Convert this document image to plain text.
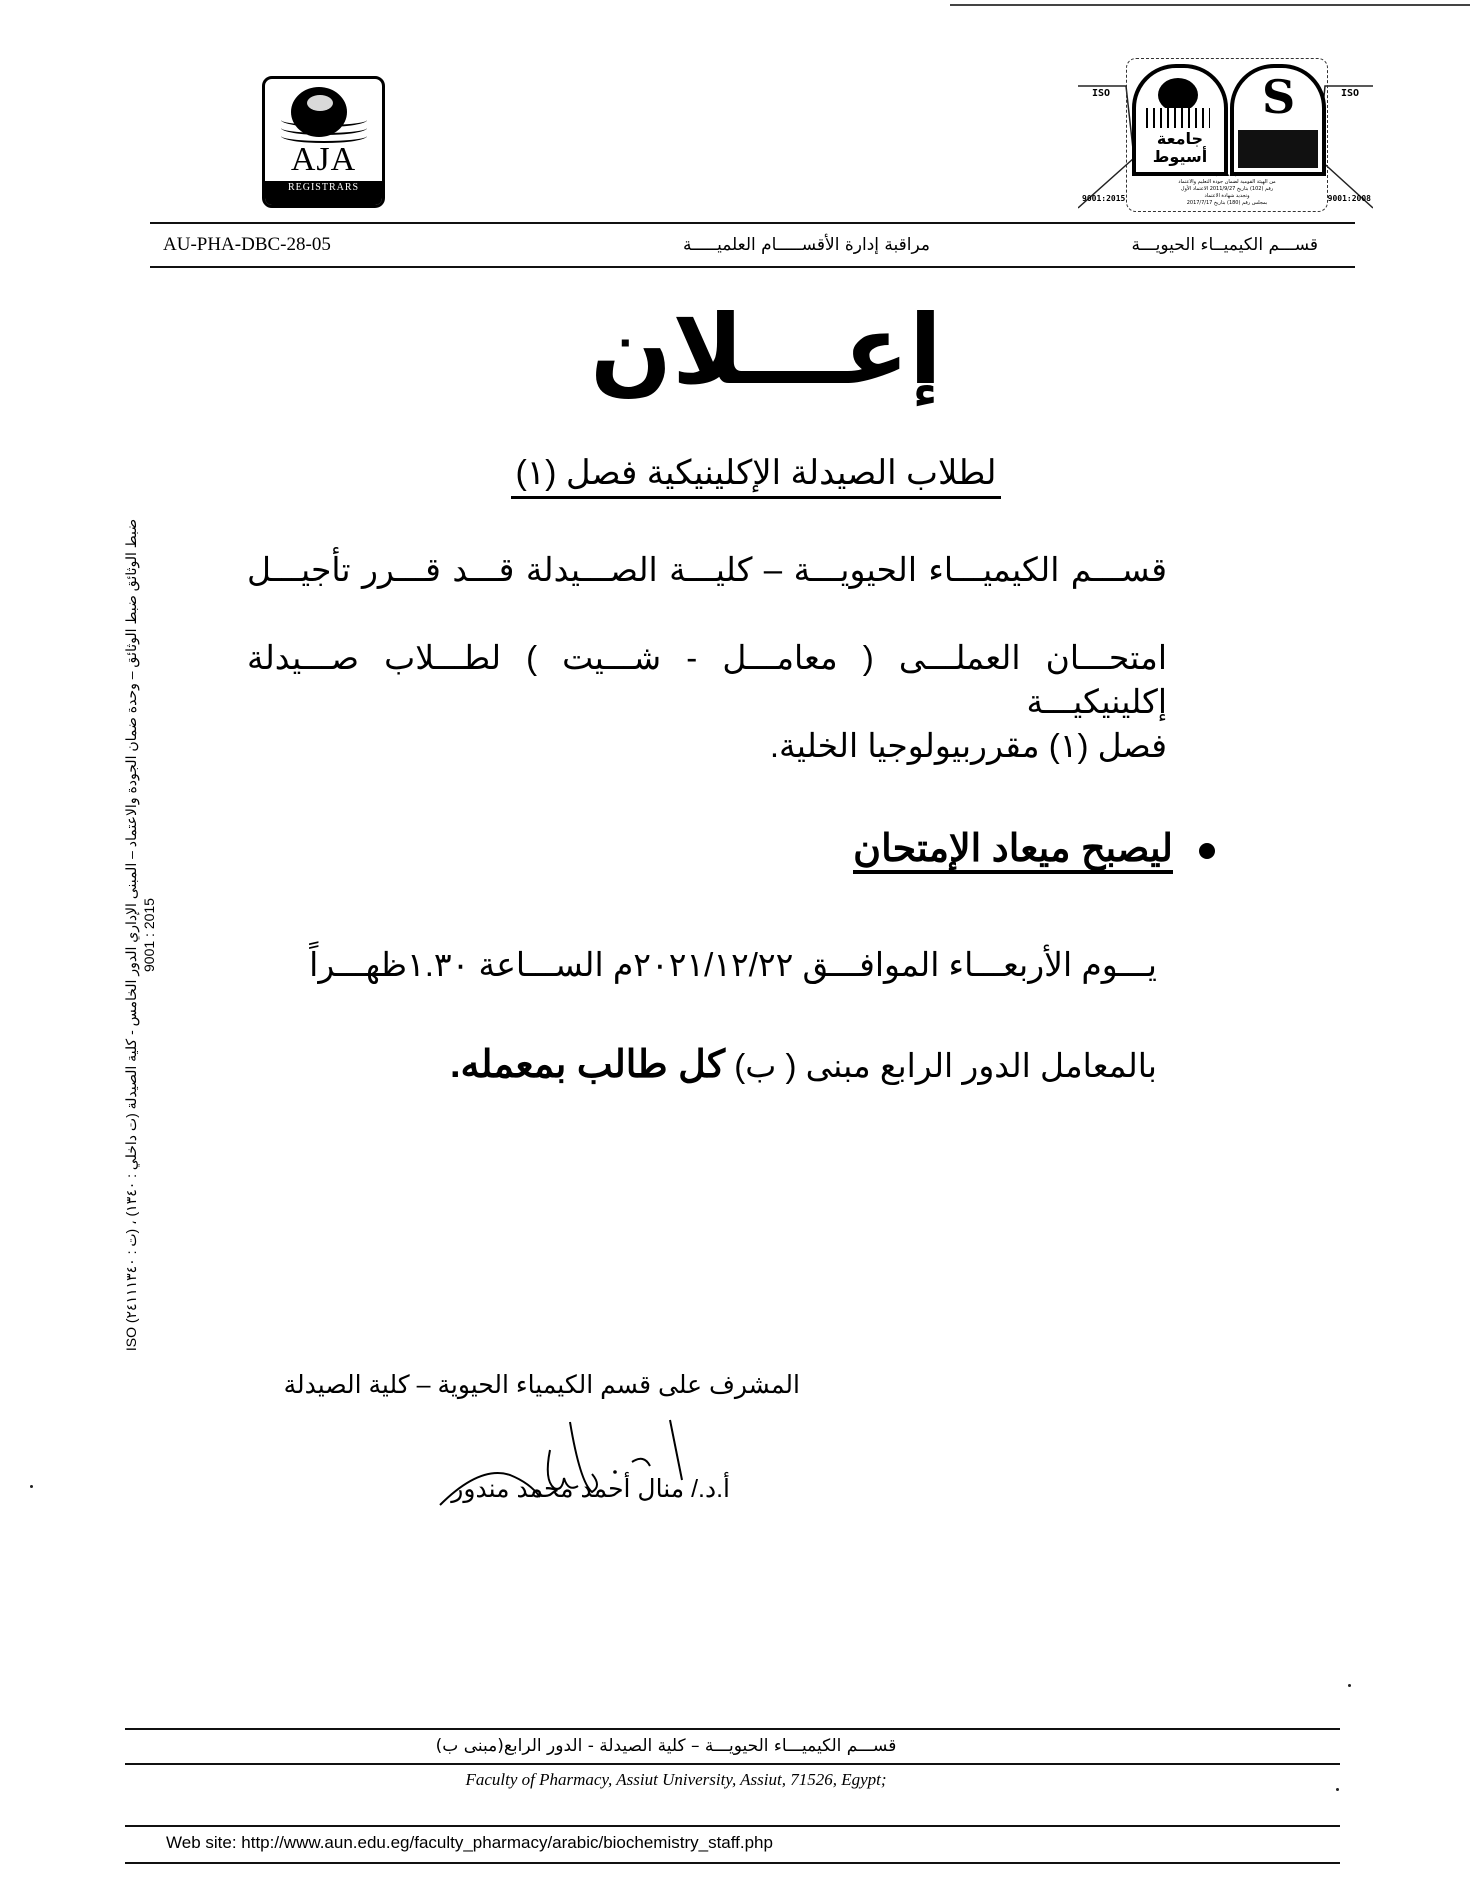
AJA
REGISTRARS
جامعة أسيوط
S
ISO	ISO
كلية معتمدة
من الهيئة القومية لضمان جودة التعليم والاعتماد
رقم (102) بتاريخ 2011/9/27 الاعتماد الأول
وتجديد شهادة الاعتماد
بمجلس رقم (180) بتاريخ 2017/7/17
9001:2015	9001:2008
AU-PHA-DBC-28-05	مراقبة إدارة الأقســـــام العلميـــــة	قســـم الكيميــاء الحيويـــة
ضبط الوثائق ضبط الوثائق – وحدة ضمان الجودة والاعتماد – المبنى الإداري الدور الخامس - كلية الصيدلة (ت داخلي : ١٣٤٠) ، (ت : ٢٤١١١٣٤٠) ISO 9001 : 2015
إعـــلان
لطلاب الصيدلة الإكلينيكية فصل (١)
قســـم الكيميـــاء الحيويـــة – كليـــة الصـــيدلة قـــد قـــرر تأجيـــل
امتحـــان العملـــى ( معامـــل - شـــيت ) لطـــلاب صـــيدلة إكلينيكيـــة
فصل (١) مقرربيولوجيا الخلية.
ليصبح ميعاد الإمتحان
يـــوم الأربعـــاء الموافـــق ٢٠٢١/١٢/٢٢م الســـاعة ١.٣٠ظهـــراً
بالمعامل الدور الرابع مبنى ( ب) كل طالب بمعمله.
المشرف على قسم الكيمياء الحيوية – كلية الصيدلة
أ.د./ منال أحمد محمد مندور
قســـم الكيميـــاء الحيويـــة – كلية الصيدلة - الدور الرابع(مبنى ب)
Faculty of Pharmacy, Assiut University, Assiut, 71526, Egypt;
Web site: http://www.aun.edu.eg/faculty_pharmacy/arabic/biochemistry_staff.php
